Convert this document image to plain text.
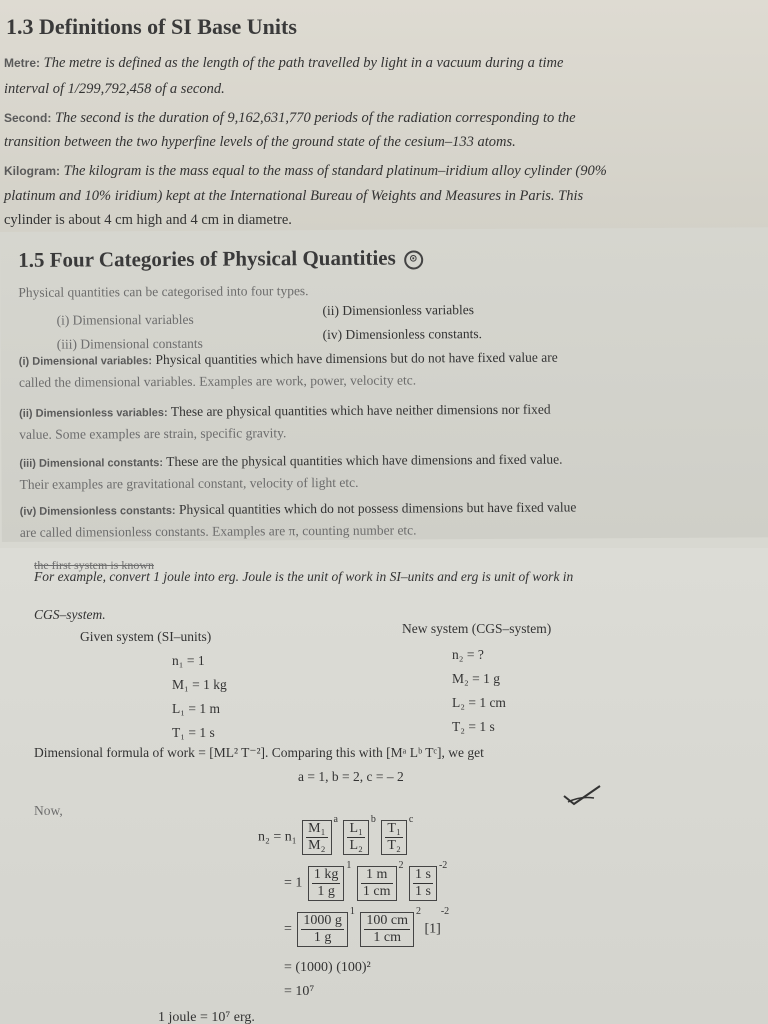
1.3 Definitions of SI Base Units
Metre: The metre is defined as the length of the path travelled by light in a vacuum during a time
interval of 1/299,792,458 of a second.
Second: The second is the duration of 9,162,631,770 periods of the radiation corresponding to the
transition between the two hyperfine levels of the ground state of the cesium–133 atoms.
Kilogram: The kilogram is the mass equal to the mass of standard platinum–iridium alloy cylinder (90%
platinum and 10% iridium) kept at the International Bureau of Weights and Measures in Paris. This
cylinder is about 4 cm high and 4 cm in diametre.
1.5 Four Categories of Physical Quantities ⊙
Physical quantities can be categorised into four types.
(i) Dimensional variables
(ii) Dimensionless variables
(iii) Dimensional constants
(iv) Dimensionless constants.
(i) Dimensional variables: Physical quantities which have dimensions but do not have fixed value are
called the dimensional variables. Examples are work, power, velocity etc.
(ii) Dimensionless variables: These are physical quantities which have neither dimensions nor fixed
value. Some examples are strain, specific gravity.
(iii) Dimensional constants: These are the physical quantities which have dimensions and fixed value.
Their examples are gravitational constant, velocity of light etc.
(iv) Dimensionless constants: Physical quantities which do not possess dimensions but have fixed value
are called dimensionless constants. Examples are π, counting number etc.
the first system is known
For example, convert 1 joule into erg. Joule is the unit of work in SI–units and erg is unit of work in
CGS–system.
Given system (SI–units)
New system (CGS–system)
n₁ = 1
M₁ = 1 kg
L₁ = 1 m
T₁ = 1 s
n₂ = ?
M₂ = 1 g
L₂ = 1 cm
T₂ = 1 s
Dimensional formula of work = [ML² T⁻²]. Comparing this with [Mᵃ Lᵇ Tᶜ], we get
a = 1, b = 2, c = – 2
Now,
$n_2 = n_1 \frac{\text{M₁}}{\text{M₂}}$
$^a$
$\frac{\text{L₁}}{\text{L₂}}$
$^b$
$\frac{\text{T₁}}{\text{T₂}}$
$^c$
= $1 \frac{1 kg}{1 g}$
$^1$
$\frac{1 m}{1 cm}$
$^2$
$\frac{1 s}{1 s}$
$^{-2}$
= $\frac{1000 g}{1 g}$
$^1$
$\frac{100 cm}{1 cm}$
$^2$ $[1]^{-2}$
= (1000) (100)²
= 10⁷
1 joule = 10⁷ erg.
